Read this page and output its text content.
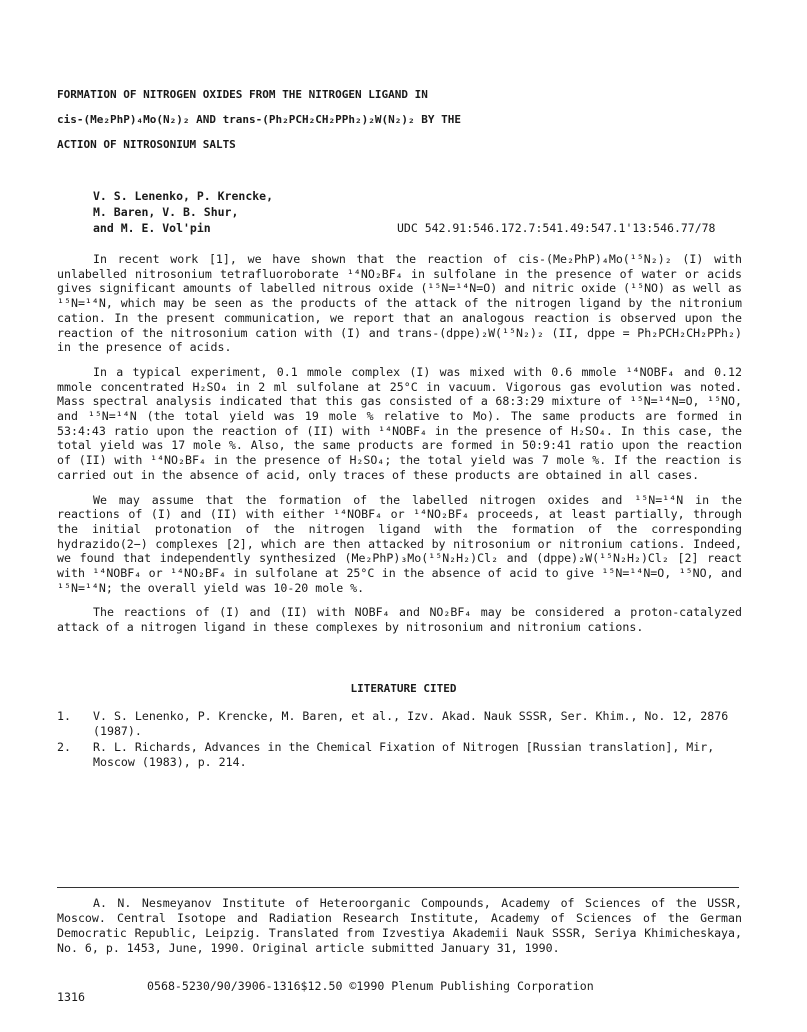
FORMATION OF NITROGEN OXIDES FROM THE NITROGEN LIGAND IN
cis-(Me₂PhP)₄Mo(N₂)₂ AND trans-(Ph₂PCH₂CH₂PPh₂)₂W(N₂)₂ BY THE
ACTION OF NITROSONIUM SALTS
V. S. Lenenko, P. Krencke,
M. Baren, V. B. Shur,
and M. E. Vol'pin	UDC 542.91:546.172.7:541.49:547.1'13:546.77/78

In recent work [1], we have shown that the reaction of cis-(Me₂PhP)₄Mo(¹⁵N₂)₂ (I) with unlabelled nitrosonium tetrafluoroborate ¹⁴NO₂BF₄ in sulfolane in the presence of water or acids gives significant amounts of labelled nitrous oxide (¹⁵N=¹⁴N=O) and nitric oxide (¹⁵NO) as well as ¹⁵N=¹⁴N, which may be seen as the products of the attack of the nitrogen ligand by the nitronium cation. In the present communication, we report that an analogous reaction is observed upon the reaction of the nitrosonium cation with (I) and trans-(dppe)₂W(¹⁵N₂)₂ (II, dppe = Ph₂PCH₂CH₂PPh₂) in the presence of acids.

In a typical experiment, 0.1 mmole complex (I) was mixed with 0.6 mmole ¹⁴NOBF₄ and 0.12 mmole concentrated H₂SO₄ in 2 ml sulfolane at 25°C in vacuum. Vigorous gas evolution was noted. Mass spectral analysis indicated that this gas consisted of a 68:3:29 mixture of ¹⁵N=¹⁴N=O, ¹⁵NO, and ¹⁵N=¹⁴N (the total yield was 19 mole % relative to Mo). The same products are formed in 53:4:43 ratio upon the reaction of (II) with ¹⁴NOBF₄ in the presence of H₂SO₄. In this case, the total yield was 17 mole %. Also, the same products are formed in 50:9:41 ratio upon the reaction of (II) with ¹⁴NO₂BF₄ in the presence of H₂SO₄; the total yield was 7 mole %. If the reaction is carried out in the absence of acid, only traces of these products are obtained in all cases.

We may assume that the formation of the labelled nitrogen oxides and ¹⁵N=¹⁴N in the reactions of (I) and (II) with either ¹⁴NOBF₄ or ¹⁴NO₂BF₄ proceeds, at least partially, through the initial protonation of the nitrogen ligand with the formation of the corresponding hydrazido(2−) complexes [2], which are then attacked by nitrosonium or nitronium cations. Indeed, we found that independently synthesized (Me₂PhP)₃Mo(¹⁵N₂H₂)Cl₂ and (dppe)₂W(¹⁵N₂H₂)Cl₂ [2] react with ¹⁴NOBF₄ or ¹⁴NO₂BF₄ in sulfolane at 25°C in the absence of acid to give ¹⁵N=¹⁴N=O, ¹⁵NO, and ¹⁵N=¹⁴N; the overall yield was 10-20 mole %.

The reactions of (I) and (II) with NOBF₄ and NO₂BF₄ may be considered a proton-catalyzed attack of a nitrogen ligand in these complexes by nitrosonium and nitronium cations.

LITERATURE CITED
1.	V. S. Lenenko, P. Krencke, M. Baren, et al., Izv. Akad. Nauk SSSR, Ser. Khim., No. 12, 2876 (1987).
2.	R. L. Richards, Advances in the Chemical Fixation of Nitrogen [Russian translation], Mir, Moscow (1983), p. 214.
A. N. Nesmeyanov Institute of Heteroorganic Compounds, Academy of Sciences of the USSR, Moscow. Central Isotope and Radiation Research Institute, Academy of Sciences of the German Democratic Republic, Leipzig. Translated from Izvestiya Akademii Nauk SSSR, Seriya Khimicheskaya, No. 6, p. 1453, June, 1990. Original article submitted January 31, 1990.
0568-5230/90/3906-1316$12.50 ©1990 Plenum Publishing Corporation
1316
